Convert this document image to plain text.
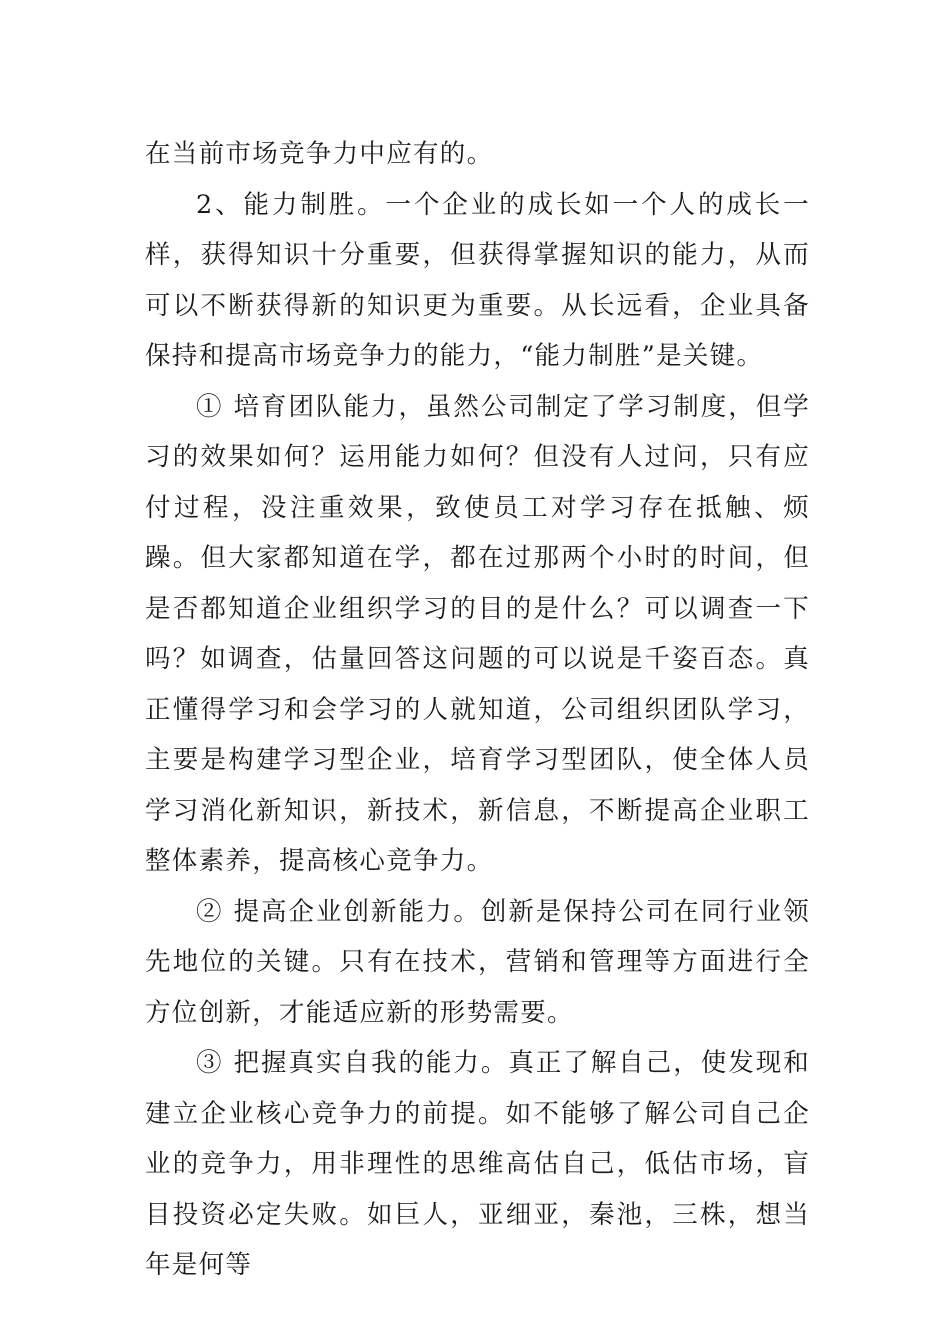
在当前市场竞争力中应有的。

2、能力制胜。一个企业的成长如一个人的成长一样，获得知识十分重要，但获得掌握知识的能力，从而可以不断获得新的知识更为重要。从长远看，企业具备保持和提高市场竞争力的能力，“能力制胜”是关键。

① 培育团队能力，虽然公司制定了学习制度，但学习的效果如何？运用能力如何？但没有人过问，只有应付过程，没注重效果，致使员工对学习存在抵触、烦躁。但大家都知道在学，都在过那两个小时的时间，但是否都知道企业组织学习的目的是什么？可以调查一下吗？如调查，估量回答这问题的可以说是千姿百态。真正懂得学习和会学习的人就知道，公司组织团队学习，主要是构建学习型企业，培育学习型团队，使全体人员学习消化新知识，新技术，新信息，不断提高企业职工整体素养，提高核心竞争力。

② 提高企业创新能力。创新是保持公司在同行业领先地位的关键。只有在技术，营销和管理等方面进行全方位创新，才能适应新的形势需要。

③ 把握真实自我的能力。真正了解自己，使发现和建立企业核心竞争力的前提。如不能够了解公司自己企业的竞争力，用非理性的思维高估自己，低估市场，盲目投资必定失败。如巨人，亚细亚，秦池，三株，想当年是何等
